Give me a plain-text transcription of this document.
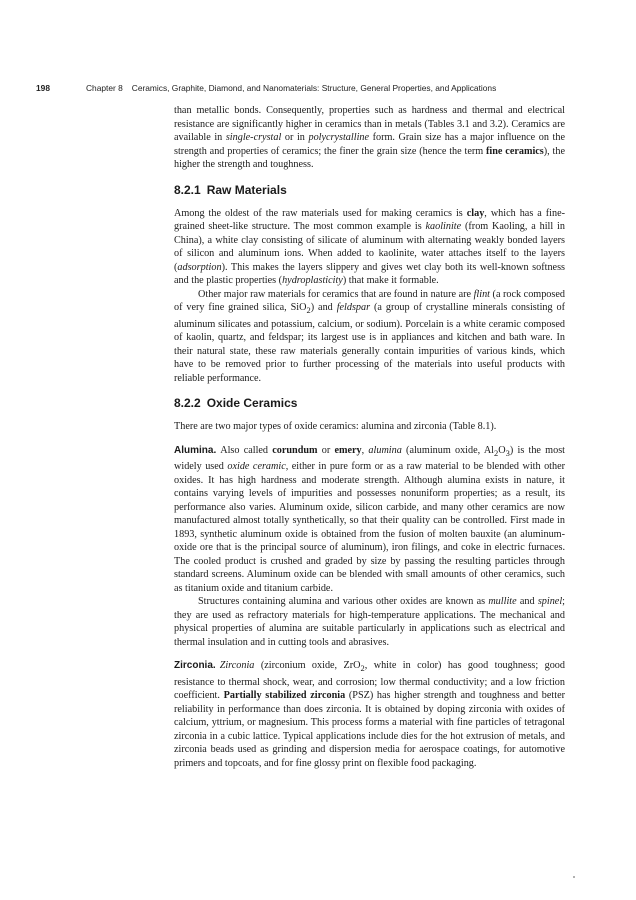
198	Chapter 8 Ceramics, Graphite, Diamond, and Nanomaterials: Structure, General Properties, and Applications

than metallic bonds. Consequently, properties such as hardness and thermal and electrical resistance are significantly higher in ceramics than in metals (Tables 3.1 and 3.2). Ceramics are available in single-crystal or in polycrystalline form. Grain size has a major influence on the strength and properties of ceramics; the finer the grain size (hence the term fine ceramics), the higher the strength and toughness.

8.2.1 Raw Materials

Among the oldest of the raw materials used for making ceramics is clay, which has a fine-grained sheet-like structure. The most common example is kaolinite (from Kaoling, a hill in China), a white clay consisting of silicate of aluminum with alternating weakly bonded layers of silicon and aluminum ions. When added to kaolinite, water attaches itself to the layers (adsorption). This makes the layers slippery and gives wet clay both its well-known softness and the plastic properties (hydroplasticity) that make it formable.

Other major raw materials for ceramics that are found in nature are flint (a rock composed of very fine grained silica, SiO$_2$) and feldspar (a group of crystalline minerals consisting of aluminum silicates and potassium, calcium, or sodium). Porcelain is a white ceramic composed of kaolin, quartz, and feldspar; its largest use is in appliances and kitchen and bath ware. In their natural state, these raw materials generally contain impurities of various kinds, which have to be removed prior to further processing of the materials into useful products with reliable performance.

8.2.2 Oxide Ceramics

There are two major types of oxide ceramics: alumina and zirconia (Table 8.1).

Alumina. Also called corundum or emery, alumina (aluminum oxide, $Al_2O_3$) is the most widely used oxide ceramic, either in pure form or as a raw material to be blended with other oxides. It has high hardness and moderate strength. Although alumina exists in nature, it contains varying levels of impurities and possesses nonuniform properties; as a result, its performance also varies. Aluminum oxide, silicon carbide, and many other ceramics are now manufactured almost totally synthetically, so that their quality can be controlled. First made in 1893, synthetic aluminum oxide is obtained from the fusion of molten bauxite (an aluminum-oxide ore that is the principal source of aluminum), iron filings, and coke in electric furnaces. The cooled product is crushed and graded by size by passing the resulting particles through standard screens. Aluminum oxide can be blended with small amounts of other ceramics, such as titanium oxide and titanium carbide.

Structures containing alumina and various other oxides are known as mullite and spinel; they are used as refractory materials for high-temperature applications. The mechanical and physical properties of alumina are suitable particularly in applications such as electrical and thermal insulation and in cutting tools and abrasives.

Zirconia. Zirconia (zirconium oxide, ZrO$_2$, white in color) has good toughness; good resistance to thermal shock, wear, and corrosion; low thermal conductivity; and a low friction coefficient. Partially stabilized zirconia (PSZ) has higher strength and toughness and better reliability in performance than does zirconia. It is obtained by doping zirconia with oxides of calcium, yttrium, or magnesium. This process forms a material with fine particles of tetragonal zirconia in a cubic lattice. Typical applications include dies for the hot extrusion of metals, and zirconia beads used as grinding and dispersion media for aerospace coatings, for automotive primers and topcoats, and for fine glossy print on flexible food packaging.
